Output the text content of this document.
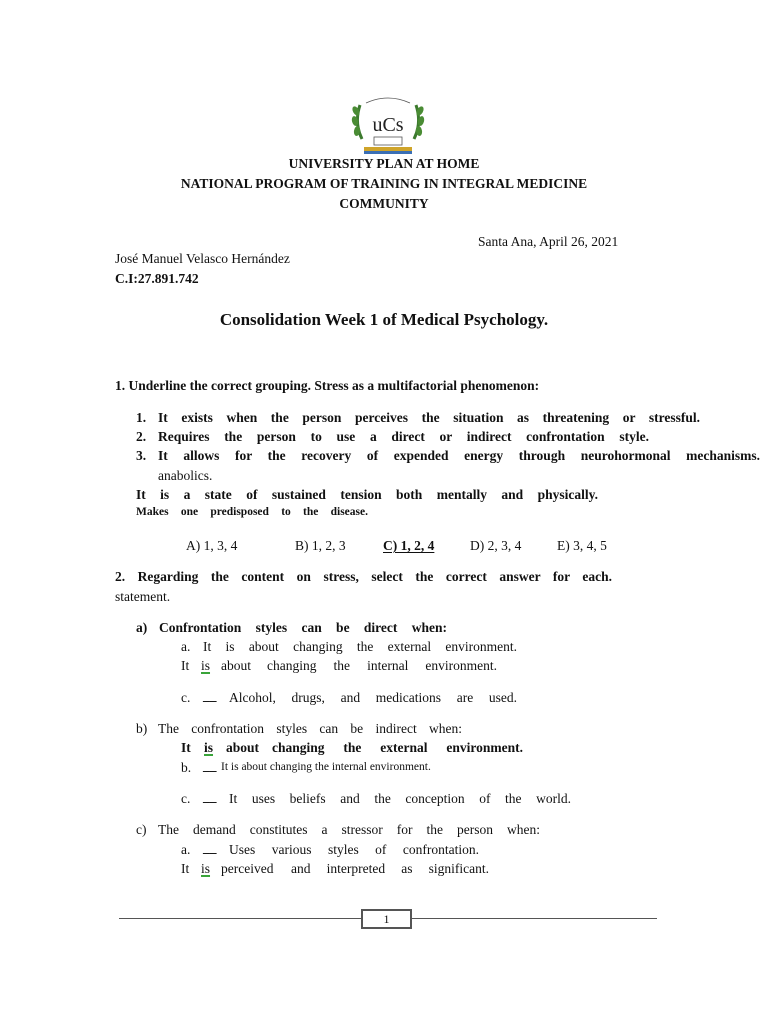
uCs
UNIVERSITY PLAN AT HOME
NATIONAL PROGRAM OF TRAINING IN INTEGRAL MEDICINE
COMMUNITY
Santa Ana, April 26, 2021
José Manuel Velasco Hernández
C.I:27.891.742
Consolidation Week 1 of Medical Psychology.
1. Underline the correct grouping. Stress as a multifactorial phenomenon:
1. It exists when the person perceives the situation as threatening or stressful.
2. Requires the person to use a direct or indirect confrontation style.
3. It allows for the recovery of expended energy through neurohormonal mechanisms.
anabolics.
It is a state of sustained tension both mentally and physically.
Makes one predisposed to the disease.
A) 1, 3, 4	B) 1, 2, 3	C) 1, 2, 4	D) 2, 3, 4	E) 3, 4, 5
2. Regarding the content on stress, select the correct answer for each.
statement.
a) Confrontation styles can be direct when:
a. It is about changing the external environment.
It is about changing the internal environment.
c. __ Alcohol, drugs, and medications are used.
b) The confrontation styles can be indirect when:
It is about changing the external environment.
b. __ It is about changing the internal environment.
c. __ It uses beliefs and the conception of the world.
c) The demand constitutes a stressor for the person when:
a. __ Uses various styles of confrontation.
It is perceived and interpreted as significant.
1
